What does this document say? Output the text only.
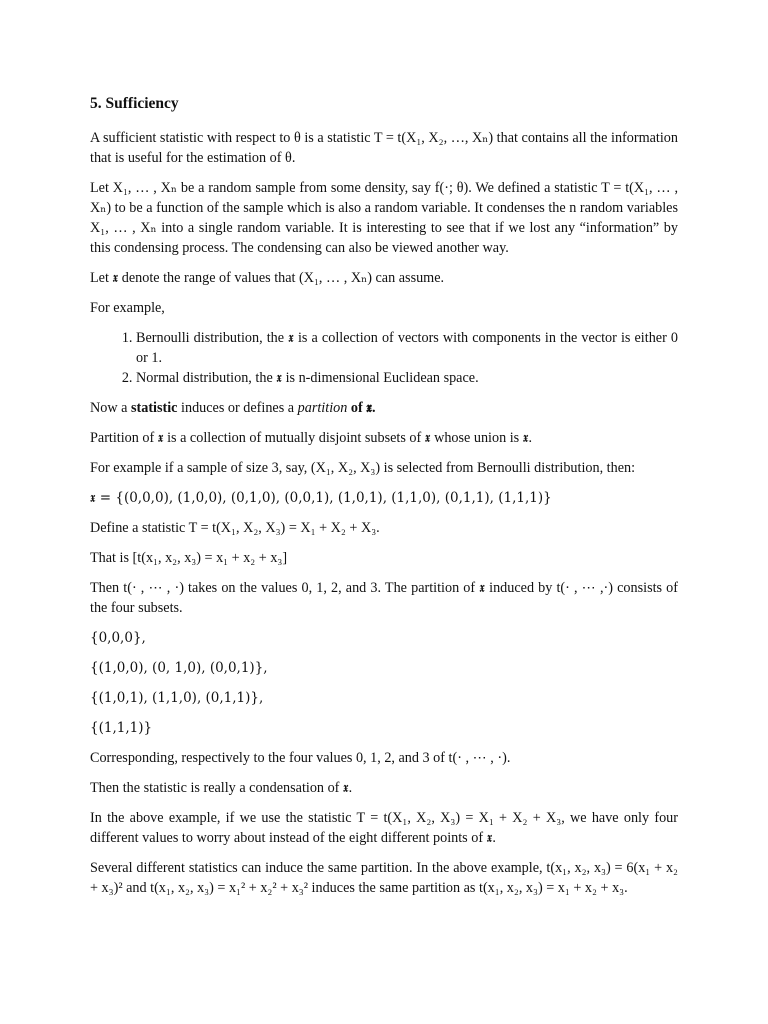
5. Sufficiency

A sufficient statistic with respect to θ is a statistic T = t(X₁, X₂, …, Xₙ) that contains all the information that is useful for the estimation of θ.

Let X₁, … , Xₙ be a random sample from some density, say f(·; θ). We defined a statistic T = t(X₁, … , Xₙ) to be a function of the sample which is also a random variable. It condenses the n random variables X₁, … , Xₙ into a single random variable. It is interesting to see that if we lost any “information” by this condensing process. The condensing can also be viewed another way.

Let 𝖝 denote the range of values that (X₁, … , Xₙ) can assume.

For example,

1. Bernoulli distribution, the 𝖝 is a collection of vectors with components in the vector is either 0 or 1.
2. Normal distribution, the 𝖝 is n-dimensional Euclidean space.

Now a statistic induces or defines a partition of 𝖝.

Partition of 𝖝 is a collection of mutually disjoint subsets of 𝖝 whose union is 𝖝.

For example if a sample of size 3, say, (X₁, X₂, X₃) is selected from Bernoulli distribution, then:

𝖝 = {(0,0,0), (1,0,0), (0,1,0), (0,0,1), (1,0,1), (1,1,0), (0,1,1), (1,1,1)}

Define a statistic T = t(X₁, X₂, X₃) = X₁ + X₂ + X₃.

That is [t(x₁, x₂, x₃) = x₁ + x₂ + x₃]

Then t(· , ⋯ , ·) takes on the values 0, 1, 2, and 3. The partition of 𝖝 induced by t(· , ⋯ ,·) consists of the four subsets.

{0,0,0},

{(1,0,0), (0, 1,0), (0,0,1)},

{(1,0,1), (1,1,0), (0,1,1)},

{(1,1,1)}

Corresponding, respectively to the four values 0, 1, 2, and 3 of t(· , ⋯ , ·).

Then the statistic is really a condensation of 𝖝.

In the above example, if we use the statistic T = t(X₁, X₂, X₃) = X₁ + X₂ + X₃, we have only four different values to worry about instead of the eight different points of 𝖝.

Several different statistics can induce the same partition. In the above example, t(x₁, x₂, x₃) = 6(x₁ + x₂ + x₃)² and t(x₁, x₂, x₃) = x₁² + x₂² + x₃² induces the same partition as t(x₁, x₂, x₃) = x₁ + x₂ + x₃.
